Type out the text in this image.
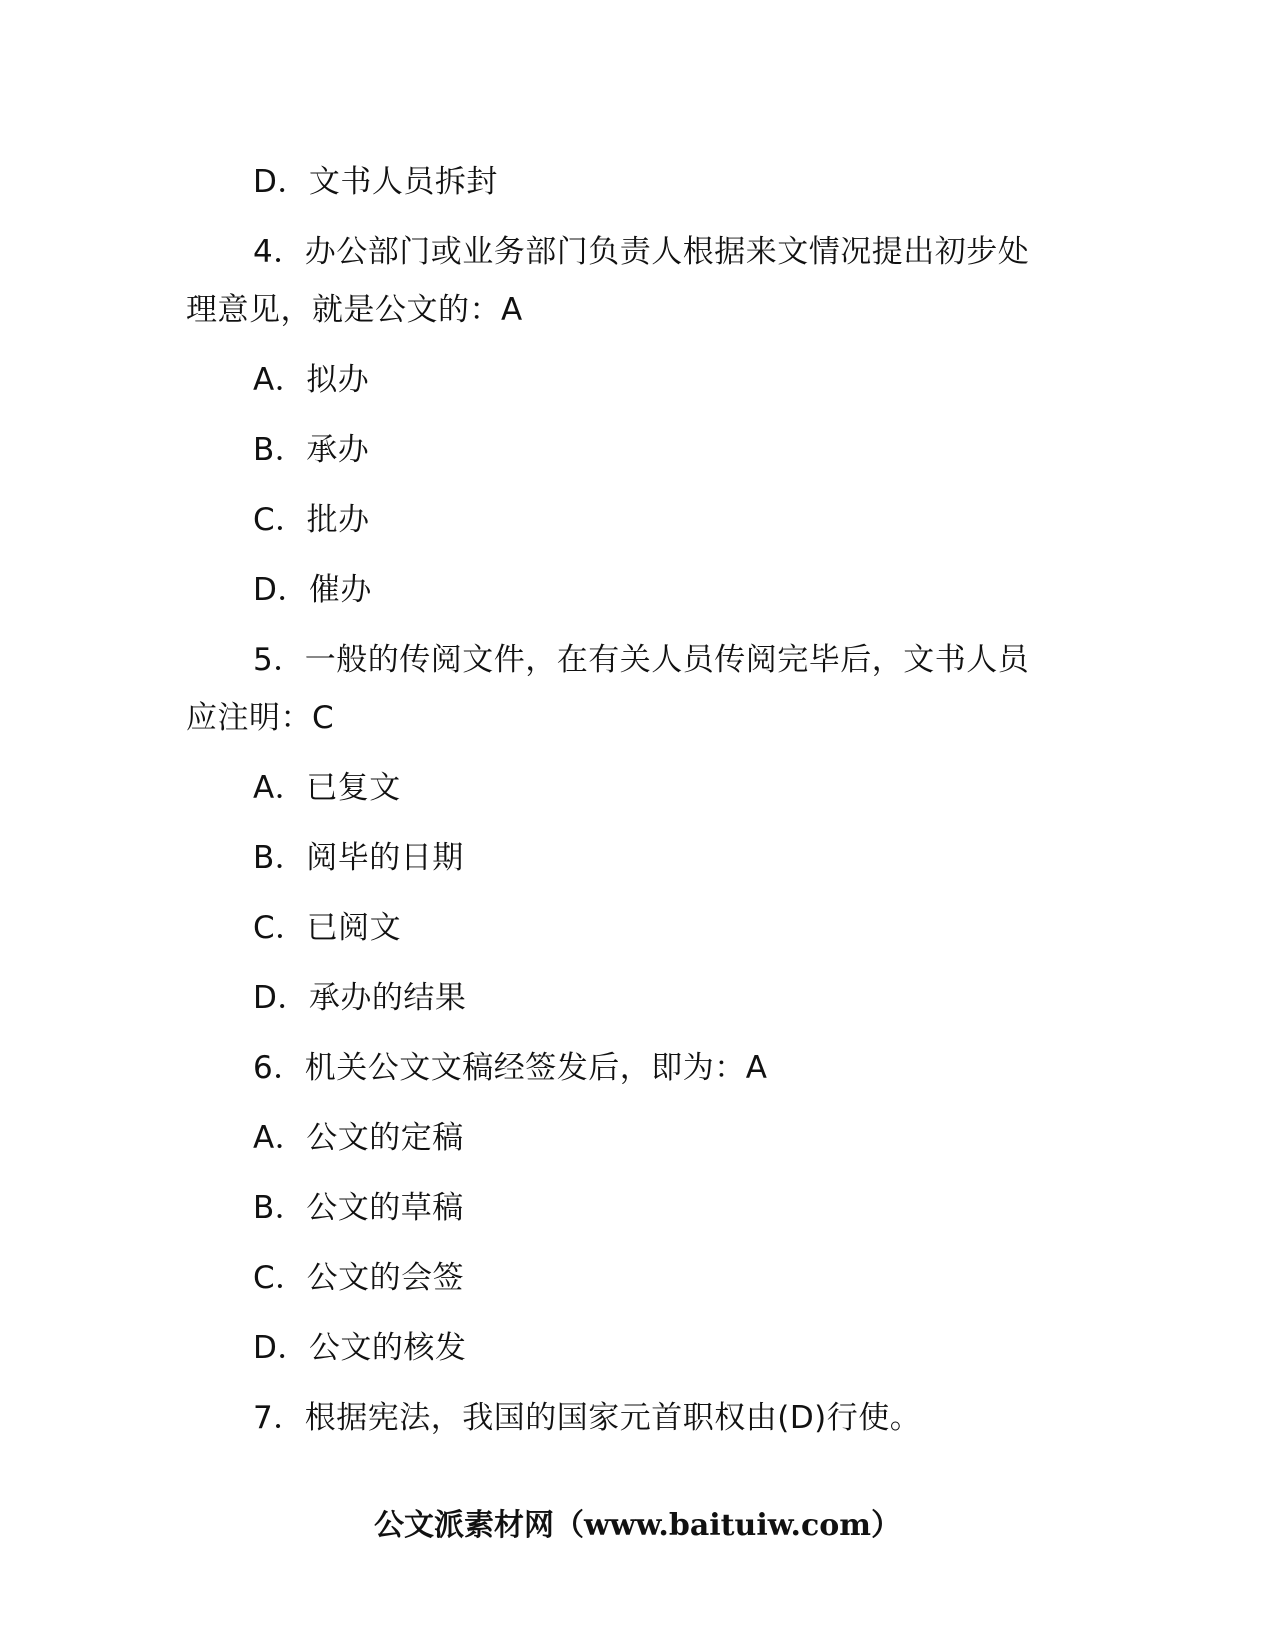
D．文书人员拆封
4．办公部门或业务部门负责人根据来文情况提出初步处
理意见，就是公文的：A
A．拟办
B．承办
C．批办
D．催办
5．一般的传阅文件，在有关人员传阅完毕后，文书人员
应注明：C
A．已复文
B．阅毕的日期
C．已阅文
D．承办的结果
6．机关公文文稿经签发后，即为：A
A．公文的定稿
B．公文的草稿
C．公文的会签
D．公文的核发
7．根据宪法，我国的国家元首职权由(D)行使。
公文派素材网（www.baituiw.com）
